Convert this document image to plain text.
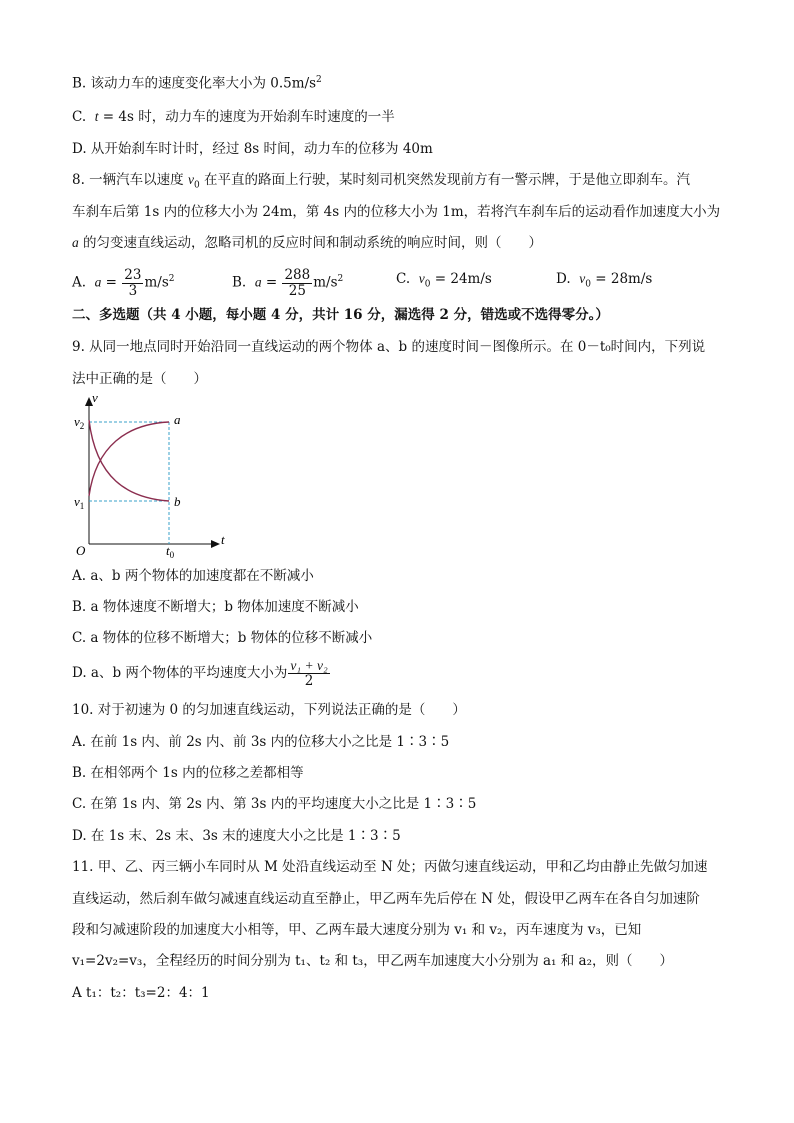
B. 该动力车的速度变化率大小为 $0.5m/s^2$
C. t = 4s 时，动力车的速度为开始刹车时速度的一半
D. 从开始刹车时计时，经过 8s 时间，动力车的位移为 40m
8. 一辆汽车以速度 $v_0$ 在平直的路面上行驶，某时刻司机突然发现前方有一警示牌，于是他立即刹车。汽
车刹车后第 1s 内的位移大小为 24m，第 4s 内的位移大小为 1m，若将汽车刹车后的运动看作加速度大小为
a 的匀变速直线运动，忽略司机的反应时间和制动系统的响应时间，则（　　）
A. $a = \frac{23}{3} m/s^2$	B. $a = \frac{288}{25} m/s^2$	C. $v_0 = 24m/s$	D. $v_0 = 28m/s$
二、多选题（共 4 小题，每小题 4 分，共计 16 分，漏选得 2 分，错选或不选得零分。）
9. 从同一地点同时开始沿同一直线运动的两个物体 a、b 的速度时间－图像所示。在 0－t₀时间内，下列说
法中正确的是（　　）
v
t
O
$v_2$
$v_1$
$t_0$
a
b
A. a、b 两个物体的加速度都在不断减小
B. a 物体速度不断增大；b 物体加速度不断减小
C. a 物体的位移不断增大；b 物体的位移不断减小
D. a、b 两个物体的平均速度大小为 $\frac{\text{v₁ + v₂}}{2}$
10. 对于初速为 0 的匀加速直线运动，下列说法正确的是（　　）
A. 在前 1s 内、前 2s 内、前 3s 内的位移大小之比是 1∶3∶5
B. 在相邻两个 1s 内的位移之差都相等
C. 在第 1s 内、第 2s 内、第 3s 内的平均速度大小之比是 1∶3∶5
D. 在 1s 末、2s 末、3s 末的速度大小之比是 1∶3∶5
11. 甲、乙、丙三辆小车同时从 M 处沿直线运动至 N 处；丙做匀速直线运动，甲和乙均由静止先做匀加速
直线运动，然后刹车做匀减速直线运动直至静止，甲乙两车先后停在 N 处，假设甲乙两车在各自匀加速阶
段和匀减速阶段的加速度大小相等，甲、乙两车最大速度分别为 v₁ 和 v₂，丙车速度为 v₃，已知
v₁=2v₂=v₃，全程经历的时间分别为 t₁、t₂ 和 t₃，甲乙两车加速度大小分别为 a₁ 和 a₂，则（　　）
A t₁：t₂：t₃=2：4：1
